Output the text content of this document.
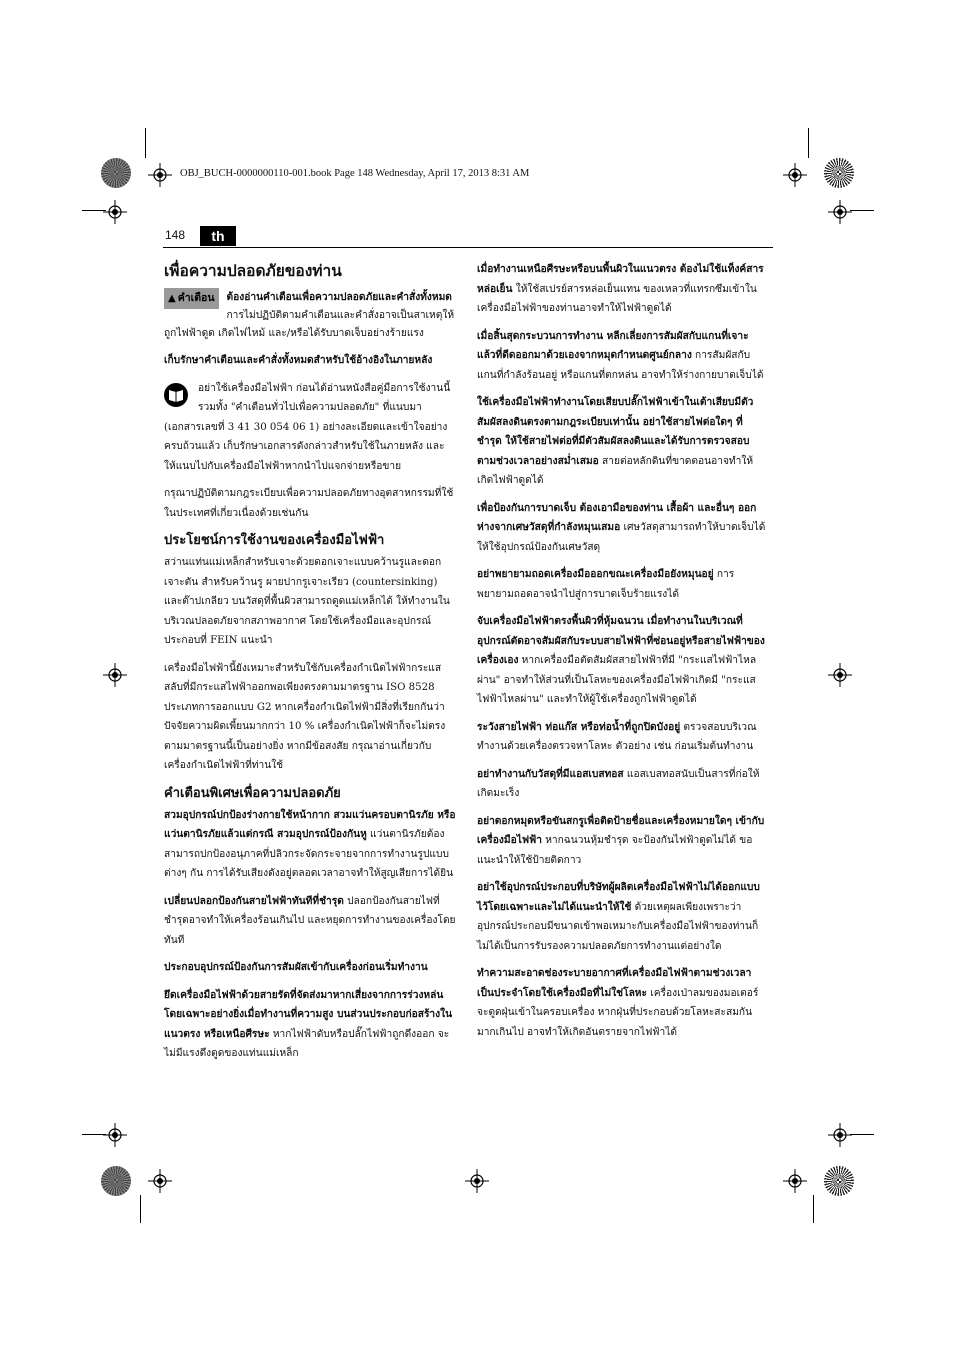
OBJ_BUCH-0000000110-001.book Page 148 Wednesday, April 17, 2013 8:31 AM
148	th

เพื่อความปลอดภัยของท่าน

▲ คำเตือน	ต้องอ่านคำเตือนเพื่อความปลอดภัยและคำสั่งทั้งหมด การไม่ปฏิบัติตามคำเตือนและคำสั่งอาจเป็นสาเหตุให้ถูกไฟฟ้าดูด เกิดไฟไหม้ และ/หรือได้รับบาดเจ็บอย่างร้ายแรง

เก็บรักษาคำเตือนและคำสั่งทั้งหมดสำหรับใช้อ้างอิงในภายหลัง

อย่าใช้เครื่องมือไฟฟ้า ก่อนได้อ่านหนังสือคู่มือการใช้งานนี้ รวมทั้ง "คำเตือนทั่วไปเพื่อความปลอดภัย" ที่แนบมา (เอกสารเลขที่ 3 41 30 054 06 1) อย่างละเอียดและเข้าใจอย่างครบถ้วนแล้ว เก็บรักษาเอกสารดังกล่าวสำหรับใช้ในภายหลัง และให้แนบไปกับเครื่องมือไฟฟ้าหากนำไปแจกจ่ายหรือขาย

กรุณาปฏิบัติตามกฎระเบียบเพื่อความปลอดภัยทางอุตสาหกรรมที่ใช้ในประเทศที่เกี่ยวเนื่องด้วยเช่นกัน

ประโยชน์การใช้งานของเครื่องมือไฟฟ้า

สว่านแท่นแม่เหล็กสำหรับเจาะด้วยดอกเจาะแบบคว้านรูและดอกเจาะตัน สำหรับคว้านรู ผายปากรูเจาะเรียว (countersinking) และต๊าปเกลียว บนวัสดุที่พื้นผิวสามารถดูดแม่เหล็กได้ ให้ทำงานในบริเวณปลอดภัยจากสภาพอากาศ โดยใช้เครื่องมือและอุปกรณ์ประกอบที่ FEIN แนะนำ

เครื่องมือไฟฟ้านี้ยังเหมาะสำหรับใช้กับเครื่องกำเนิดไฟฟ้ากระแสสลับที่มีกระแสไฟฟ้าออกพอเพียงตรงตามมาตรฐาน ISO 8528 ประเภทการออกแบบ G2 หากเครื่องกำเนิดไฟฟ้ามีสิ่งที่เรียกกันว่าปัจจัยความผิดเพี้ยนมากกว่า 10 % เครื่องกำเนิดไฟฟ้าก็จะไม่ตรงตามมาตรฐานนี้เป็นอย่างยิ่ง หากมีข้อสงสัย กรุณาอ่านเกี่ยวกับเครื่องกำเนิดไฟฟ้าที่ท่านใช้

คำเตือนพิเศษเพื่อความปลอดภัย

สวมอุปกรณ์ปกป้องร่างกายใช้หน้ากาก สวมแว่นครอบตานิรภัย หรือแว่นตานิรภัยแล้วแต่กรณี สวมอุปกรณ์ป้องกันหู แว่นตานิรภัยต้องสามารถปกป้องอนุภาคที่ปลิวกระจัดกระจายจากการทำงานรูปแบบต่างๆ กัน การได้รับเสียงดังอยู่ตลอดเวลาอาจทำให้สูญเสียการได้ยิน

เปลี่ยนปลอกป้องกันสายไฟฟ้าทันทีที่ชำรุด ปลอกป้องกันสายไฟที่ชำรุดอาจทำให้เครื่องร้อนเกินไป และหยุดการทำงานของเครื่องโดยทันที

ประกอบอุปกรณ์ป้องกันการสัมผัสเข้ากับเครื่องก่อนเริ่มทำงาน

ยึดเครื่องมือไฟฟ้าด้วยสายรัดที่จัดส่งมาหากเสี่ยงจากการร่วงหล่น โดยเฉพาะอย่างยิ่งเมื่อทำงานที่ความสูง บนส่วนประกอบก่อสร้างในแนวตรง หรือเหนือศีรษะ หากไฟฟ้าดับหรือปลั๊กไฟฟ้าถูกดึงออก จะไม่มีแรงดึงดูดของแท่นแม่เหล็ก

เมื่อทำงานเหนือศีรษะหรือบนพื้นผิวในแนวตรง ต้องไม่ใช้แท็งค์สารหล่อเย็น ให้ใช้สเปรย์สารหล่อเย็นแทน ของเหลวที่แทรกซึมเข้าในเครื่องมือไฟฟ้าของท่านอาจทำให้ไฟฟ้าดูดได้

เมื่อสิ้นสุดกระบวนการทำงาน หลีกเลี่ยงการสัมผัสกับแกนที่เจาะแล้วที่ดีดออกมาด้วยเองจากหมุดกำหนดศูนย์กลาง การสัมผัสกับแกนที่กำลังร้อนอยู่ หรือแกนที่ตกหล่น อาจทำให้ร่างกายบาดเจ็บได้

ใช้เครื่องมือไฟฟ้าทำงานโดยเสียบปลั๊กไฟฟ้าเข้าในเต้าเสียบมีตัวสัมผัสลงดินตรงตามกฎระเบียบเท่านั้น อย่าใช้สายไฟต่อใดๆ ที่ชำรุด ให้ใช้สายไฟต่อที่มีตัวสัมผัสลงดินและได้รับการตรวจสอบตามช่วงเวลาอย่างสม่ำเสมอ สายต่อหลักดินที่ขาดตอนอาจทำให้เกิดไฟฟ้าดูดได้

เพื่อป้องกันการบาดเจ็บ ต้องเอามือของท่าน เสื้อผ้า และอื่นๆ ออกห่างจากเศษวัสดุที่กำลังหมุนเสมอ เศษวัสดุสามารถทำให้บาดเจ็บได้ ให้ใช้อุปกรณ์ป้องกันเศษวัสดุ

อย่าพยายามถอดเครื่องมือออกขณะเครื่องมือยังหมุนอยู่ การพยายามถอดอาจนำไปสู่การบาดเจ็บร้ายแรงได้

จับเครื่องมือไฟฟ้าตรงพื้นผิวที่หุ้มฉนวน เมื่อทำงานในบริเวณที่อุปกรณ์ตัดอาจสัมผัสกับระบบสายไฟฟ้าที่ซ่อนอยู่หรือสายไฟฟ้าของเครื่องเอง หากเครื่องมือตัดสัมผัสสายไฟฟ้าที่มี "กระแสไฟฟ้าไหลผ่าน" อาจทำให้ส่วนที่เป็นโลหะของเครื่องมือไฟฟ้าเกิดมี "กระแสไฟฟ้าไหลผ่าน" และทำให้ผู้ใช้เครื่องถูกไฟฟ้าดูดได้

ระวังสายไฟฟ้า ท่อแก๊ส หรือท่อน้ำที่ถูกปิดบังอยู่ ตรวจสอบบริเวณทำงานด้วยเครื่องตรวจหาโลหะ ตัวอย่าง เช่น ก่อนเริ่มต้นทำงาน

อย่าทำงานกับวัสดุที่มีแอสเบสทอส แอสเบสทอสนับเป็นสารที่ก่อให้เกิดมะเร็ง

อย่าตอกหมุดหรือขันสกรูเพื่อติดป้ายชื่อและเครื่องหมายใดๆ เข้ากับเครื่องมือไฟฟ้า หากฉนวนหุ้มชำรุด จะป้องกันไฟฟ้าดูดไม่ได้ ขอแนะนำให้ใช้ป้ายติดกาว

อย่าใช้อุปกรณ์ประกอบที่บริษัทผู้ผลิตเครื่องมือไฟฟ้าไม่ได้ออกแบบไว้โดยเฉพาะและไม่ได้แนะนำให้ใช้ ด้วยเหตุผลเพียงเพราะว่าอุปกรณ์ประกอบมีขนาดเข้าพอเหมาะกับเครื่องมือไฟฟ้าของท่านก็ไม่ได้เป็นการรับรองความปลอดภัยการทำงานแต่อย่างใด

ทำความสะอาดช่องระบายอากาศที่เครื่องมือไฟฟ้าตามช่วงเวลาเป็นประจำโดยใช้เครื่องมือที่ไม่ใช่โลหะ เครื่องเป่าลมของมอเตอร์จะดูดฝุ่นเข้าในครอบเครื่อง หากฝุ่นที่ประกอบด้วยโลหะสะสมกันมากเกินไป อาจทำให้เกิดอันตรายจากไฟฟ้าได้
